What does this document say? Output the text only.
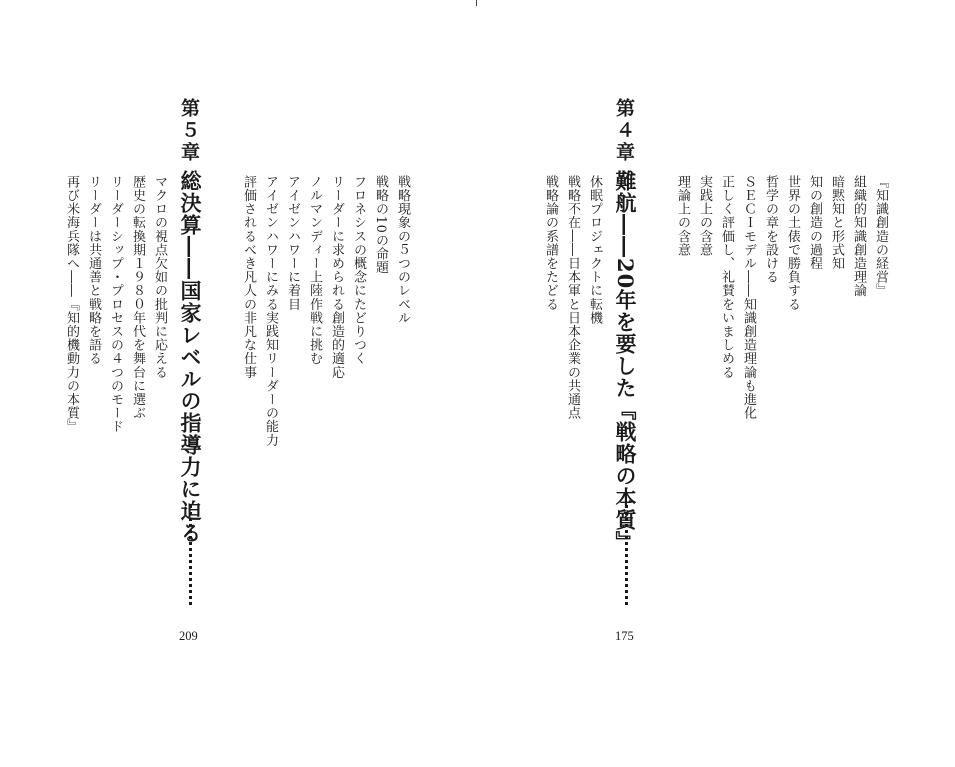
第４章
難航――20年を要した『戦略の本質』
175
『知識創造の経営』
組織的知識創造理論
暗黙知と形式知
知の創造の過程
世界の土俵で勝負する
哲学の章を設ける
ＳＥＣＩモデル――知識創造理論も進化
正しく評価し、礼賛をいましめる
実践上の含意
理論上の含意
休眠プロジェクトに転機
戦略不在――日本軍と日本企業の共通点
戦略論の系譜をたどる
第５章
総決算――国家レベルの指導力に迫る
209
戦略現象の５つのレベル
戦略の10の命題
フロネシスの概念にたどりつく
リーダーに求められる創造的適応
ノルマンディー上陸作戦に挑む
アイゼンハワーに着目
アイゼンハワーにみる実践知リーダーの能力
評価されるべき凡人の非凡な仕事
マクロの視点欠如の批判に応える
歴史の転換期１９８０年代を舞台に選ぶ
リーダーシップ・プロセスの４つのモード
リーダーは共通善と戦略を語る
再び米海兵隊へ――『知的機動力の本質』
